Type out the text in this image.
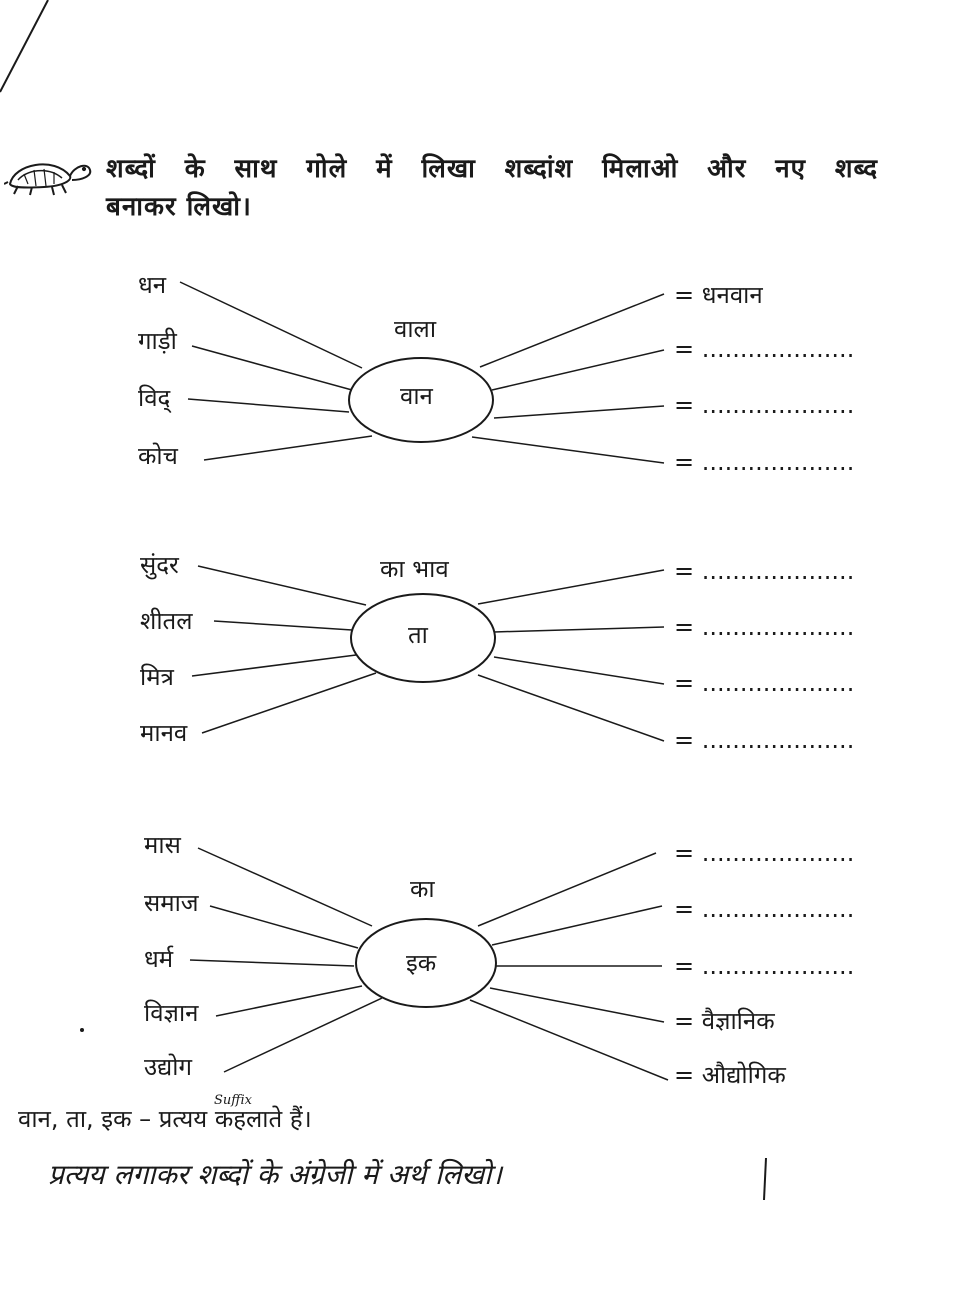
शब्दों के साथ गोले में लिखा शब्दांश मिलाओ और नए शब्द
बनाकर लिखो।
वाला
वान
धन
गाड़ी
विद्
कोच
= धनवान
= ....................
= ....................
= ....................
का भाव
ता
सुंदर
शीतल
मित्र
मानव
= ....................
= ....................
= ....................
= ....................
का
इक
मास
समाज
धर्म
विज्ञान
उद्योग
= ....................
= ....................
= ....................
= वैज्ञानिक
= औद्योगिक
Suffix
वान, ता, इक – प्रत्यय कहलाते हैं।
प्रत्यय लगाकर शब्दों के अंग्रेजी में अर्थ लिखो।
